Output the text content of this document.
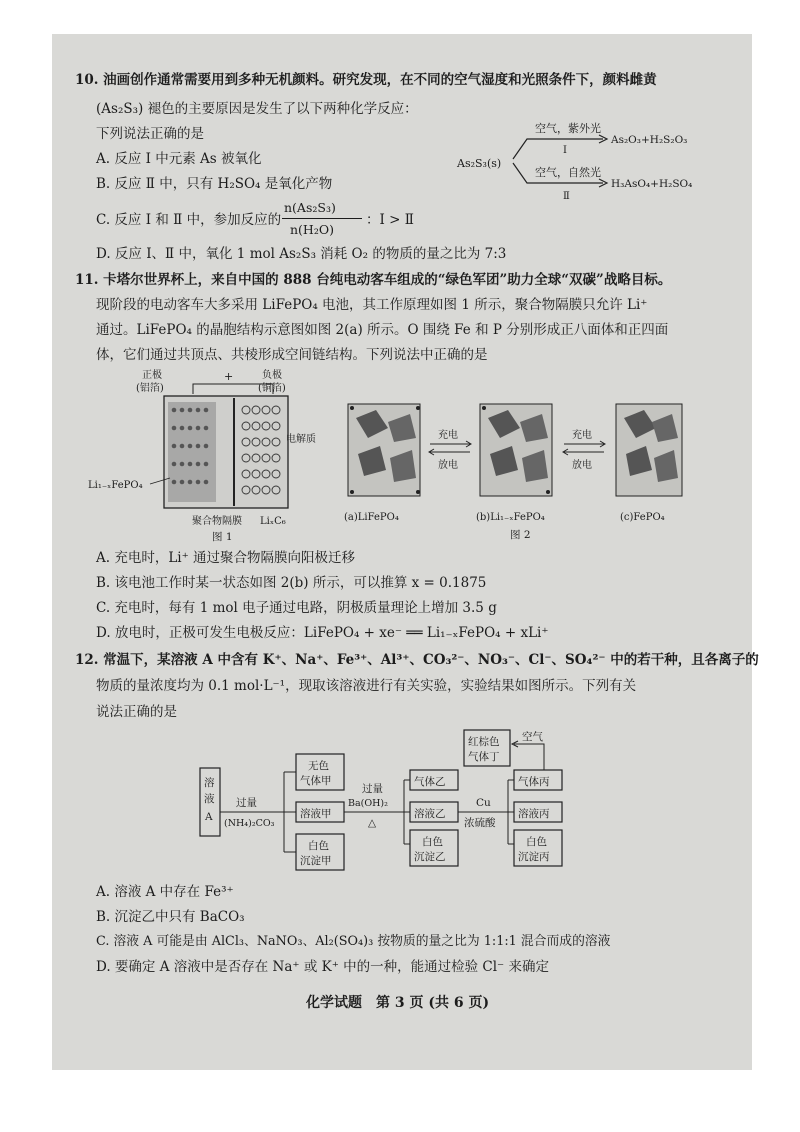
10. 油画创作通常需要用到多种无机颜料。研究发现，在不同的空气湿度和光照条件下，颜料雌黄
(As₂S₃) 褪色的主要原因是发生了以下两种化学反应：
下列说法正确的是
A. 反应 Ⅰ 中元素 As 被氧化
B. 反应 Ⅱ 中，只有 H₂SO₄ 是氧化产物
C. 反应 Ⅰ 和 Ⅱ 中，参加反应的
n(As₂S₃)
n(H₂O)
：Ⅰ > Ⅱ
D. 反应 Ⅰ、Ⅱ 中，氧化 1 mol As₂S₃ 消耗 O₂ 的物质的量之比为 7:3
As₂S₃(s)
空气，紫外光
Ⅰ
As₂O₃+H₂S₂O₃
空气，自然光
Ⅱ
H₃AsO₄+H₂SO₄
11. 卡塔尔世界杯上，来自中国的 888 台纯电动客车组成的“绿色军团”助力全球“双碳”战略目标。
现阶段的电动客车大多采用 LiFePO₄ 电池，其工作原理如图 1 所示，聚合物隔膜只允许 Li⁺
通过。LiFePO₄ 的晶胞结构示意图如图 2(a) 所示。O 围绕 Fe 和 P 分别形成正八面体和正四面
体，它们通过共顶点、共棱形成空间链结构。下列说法中正确的是
正极
(铝箔)
+	负极
(铜箔)
电解质
Li₁₋ₓFePO₄
聚合物隔膜 LiₓC₆
图 1
充电
放电
充电
放电
(a)LiFePO₄	(b)Li₁₋ₓFePO₄	(c)FePO₄
图 2
A. 充电时，Li⁺ 通过聚合物隔膜向阳极迁移
B. 该电池工作时某一状态如图 2(b) 所示，可以推算 x = 0.1875
C. 充电时，每有 1 mol 电子通过电路，阴极质量理论上增加 3.5 g
D. 放电时，正极可发生电极反应：LiFePO₄ + xe⁻ ══ Li₁₋ₓFePO₄ + xLi⁺
12. 常温下，某溶液 A 中含有 K⁺、Na⁺、Fe³⁺、Al³⁺、CO₃²⁻、NO₃⁻、Cl⁻、SO₄²⁻ 中的若干种，且各离子的
物质的量浓度均为 0.1 mol·L⁻¹，现取该溶液进行有关实验，实验结果如图所示。下列有关
说法正确的是
溶
液
A
过量
(NH₄)₂CO₃
无色
气体甲
溶液甲
白色
沉淀甲
过量
Ba(OH)₂
△
气体乙
溶液乙
白色
沉淀乙
Cu
浓硫酸
红棕色
气体丁
空气
气体丙
溶液丙
白色
沉淀丙
A. 溶液 A 中存在 Fe³⁺
B. 沉淀乙中只有 BaCO₃
C. 溶液 A 可能是由 AlCl₃、NaNO₃、Al₂(SO₄)₃ 按物质的量之比为 1:1:1 混合而成的溶液
D. 要确定 A 溶液中是否存在 Na⁺ 或 K⁺ 中的一种，能通过检验 Cl⁻ 来确定
化学试题　第 3 页 (共 6 页)
